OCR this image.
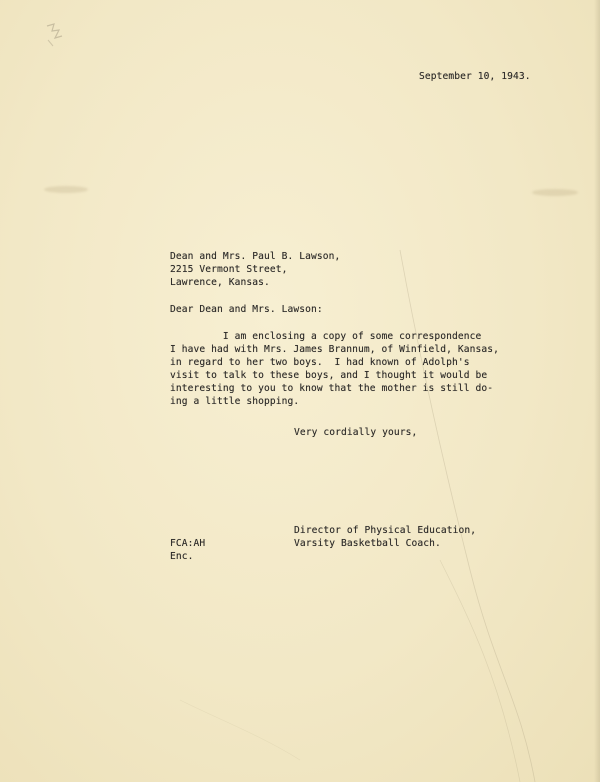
September 10, 1943.

Dean and Mrs. Paul B. Lawson,

2215 Vermont Street,

Lawrence, Kansas.

Dear Dean and Mrs. Lawson:

I am enclosing a copy of some correspondence

I have had with Mrs. James Brannum, of Winfield, Kansas,

in regard to her two boys.  I had known of Adolph's

visit to talk to these boys, and I thought it would be

interesting to you to know that the mother is still do-

ing a little shopping.

Very cordially yours,

Director of Physical Education,

Varsity Basketball Coach.

FCA:AH

Enc.
